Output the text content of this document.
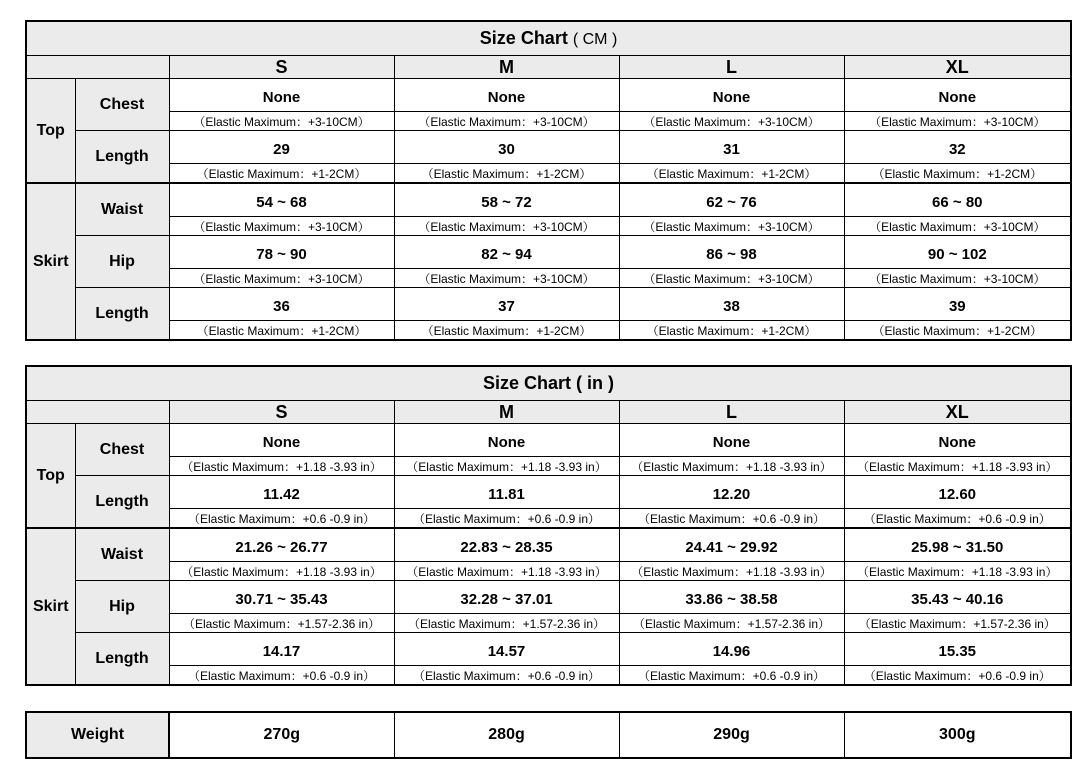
Size Chart ( CM )					
		S	M	L	XL
Top	Chest	None	None	None	None
		（Elastic Maximum：+3-10CM）	（Elastic Maximum：+3-10CM）	（Elastic Maximum：+3-10CM）	（Elastic Maximum：+3-10CM）
	Length	29	30	31	32
		（Elastic Maximum：+1-2CM）	（Elastic Maximum：+1-2CM）	（Elastic Maximum：+1-2CM）	（Elastic Maximum：+1-2CM）
Skirt	Waist	54 ~ 68	58 ~ 72	62 ~ 76	66 ~ 80
		（Elastic Maximum：+3-10CM）	（Elastic Maximum：+3-10CM）	（Elastic Maximum：+3-10CM）	（Elastic Maximum：+3-10CM）
	Hip	78 ~ 90	82 ~ 94	86 ~ 98	90 ~ 102
		（Elastic Maximum：+3-10CM）	（Elastic Maximum：+3-10CM）	（Elastic Maximum：+3-10CM）	（Elastic Maximum：+3-10CM）
	Length	36	37	38	39
		（Elastic Maximum：+1-2CM）	（Elastic Maximum：+1-2CM）	（Elastic Maximum：+1-2CM）	（Elastic Maximum：+1-2CM）
Size Chart ( in )					
		S	M	L	XL
Top	Chest	None	None	None	None
		（Elastic Maximum：+1.18 -3.93 in）	（Elastic Maximum：+1.18 -3.93 in）	（Elastic Maximum：+1.18 -3.93 in）	（Elastic Maximum：+1.18 -3.93 in）
	Length	11.42	11.81	12.20	12.60
		（Elastic Maximum：+0.6 -0.9 in）	（Elastic Maximum：+0.6 -0.9 in）	（Elastic Maximum：+0.6 -0.9 in）	（Elastic Maximum：+0.6 -0.9 in）
Skirt	Waist	21.26 ~ 26.77	22.83 ~ 28.35	24.41 ~ 29.92	25.98 ~ 31.50
		（Elastic Maximum：+1.18 -3.93 in）	（Elastic Maximum：+1.18 -3.93 in）	（Elastic Maximum：+1.18 -3.93 in）	（Elastic Maximum：+1.18 -3.93 in）
	Hip	30.71 ~ 35.43	32.28 ~ 37.01	33.86 ~ 38.58	35.43 ~ 40.16
		（Elastic Maximum：+1.57-2.36 in）	（Elastic Maximum：+1.57-2.36 in）	（Elastic Maximum：+1.57-2.36 in）	（Elastic Maximum：+1.57-2.36 in）
	Length	14.17	14.57	14.96	15.35
		（Elastic Maximum：+0.6 -0.9 in）	（Elastic Maximum：+0.6 -0.9 in）	（Elastic Maximum：+0.6 -0.9 in）	（Elastic Maximum：+0.6 -0.9 in）
Weight	270g	280g	290g	300g
